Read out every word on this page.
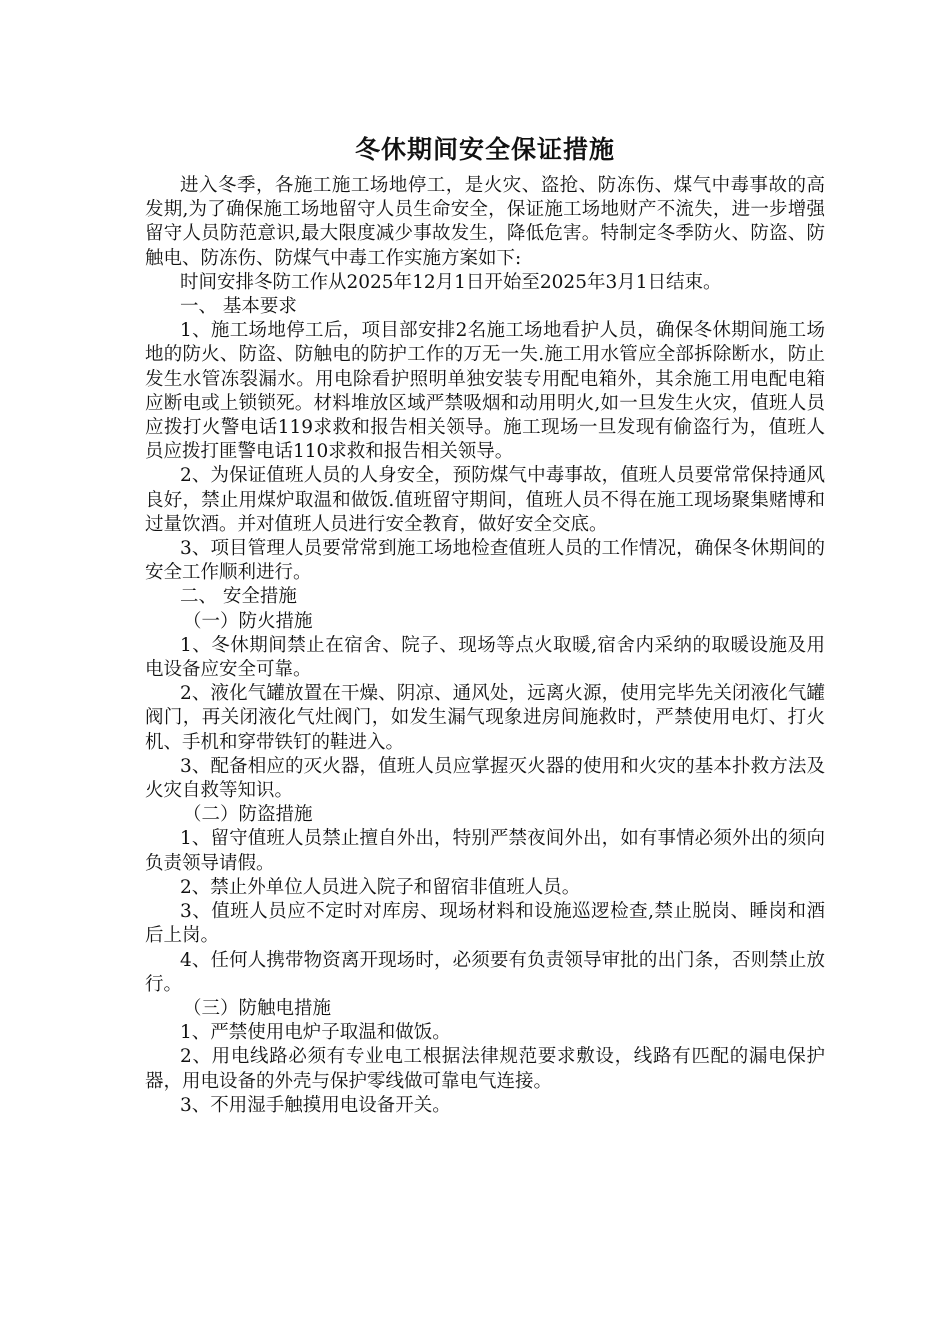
冬休期间安全保证措施

进入冬季，各施工施工场地停工，是火灾、盗抢、防冻伤、煤气中毒事故的高发期,为了确保施工场地留守人员生命安全，保证施工场地财产不流失，进一步增强留守人员防范意识,最大限度减少事故发生，降低危害。特制定冬季防火、防盗、防触电、防冻伤、防煤气中毒工作实施方案如下:

时间安排冬防工作从2025年12月1日开始至2025年3月1日结束。

一、 基本要求

1、施工场地停工后，项目部安排2名施工场地看护人员，确保冬休期间施工场地的防火、防盗、防触电的防护工作的万无一失.施工用水管应全部拆除断水，防止发生水管冻裂漏水。用电除看护照明单独安装专用配电箱外，其余施工用电配电箱应断电或上锁锁死。材料堆放区域严禁吸烟和动用明火,如一旦发生火灾，值班人员应拨打火警电话119求救和报告相关领导。施工现场一旦发现有偷盗行为，值班人员应拨打匪警电话110求救和报告相关领导。

2、为保证值班人员的人身安全，预防煤气中毒事故，值班人员要常常保持通风良好，禁止用煤炉取温和做饭.值班留守期间，值班人员不得在施工现场聚集赌博和过量饮酒。并对值班人员进行安全教育，做好安全交底。

3、项目管理人员要常常到施工场地检查值班人员的工作情况，确保冬休期间的安全工作顺利进行。

二、 安全措施

（一）防火措施

1、冬休期间禁止在宿舍、院子、现场等点火取暖,宿舍内采纳的取暖设施及用电设备应安全可靠。

2、液化气罐放置在干燥、阴凉、通风处，远离火源，使用完毕先关闭液化气罐阀门，再关闭液化气灶阀门，如发生漏气现象进房间施救时，严禁使用电灯、打火机、手机和穿带铁钉的鞋进入。

3、配备相应的灭火器，值班人员应掌握灭火器的使用和火灾的基本扑救方法及火灾自救等知识。

（二）防盗措施

1、留守值班人员禁止擅自外出，特别严禁夜间外出，如有事情必须外出的须向负责领导请假。

2、禁止外单位人员进入院子和留宿非值班人员。

3、值班人员应不定时对库房、现场材料和设施巡逻检查,禁止脱岗、睡岗和酒后上岗。

4、任何人携带物资离开现场时，必须要有负责领导审批的出门条，否则禁止放行。

（三）防触电措施

1、严禁使用电炉子取温和做饭。

2、用电线路必须有专业电工根据法律规范要求敷设，线路有匹配的漏电保护器，用电设备的外壳与保护零线做可靠电气连接。

3、不用湿手触摸用电设备开关。
